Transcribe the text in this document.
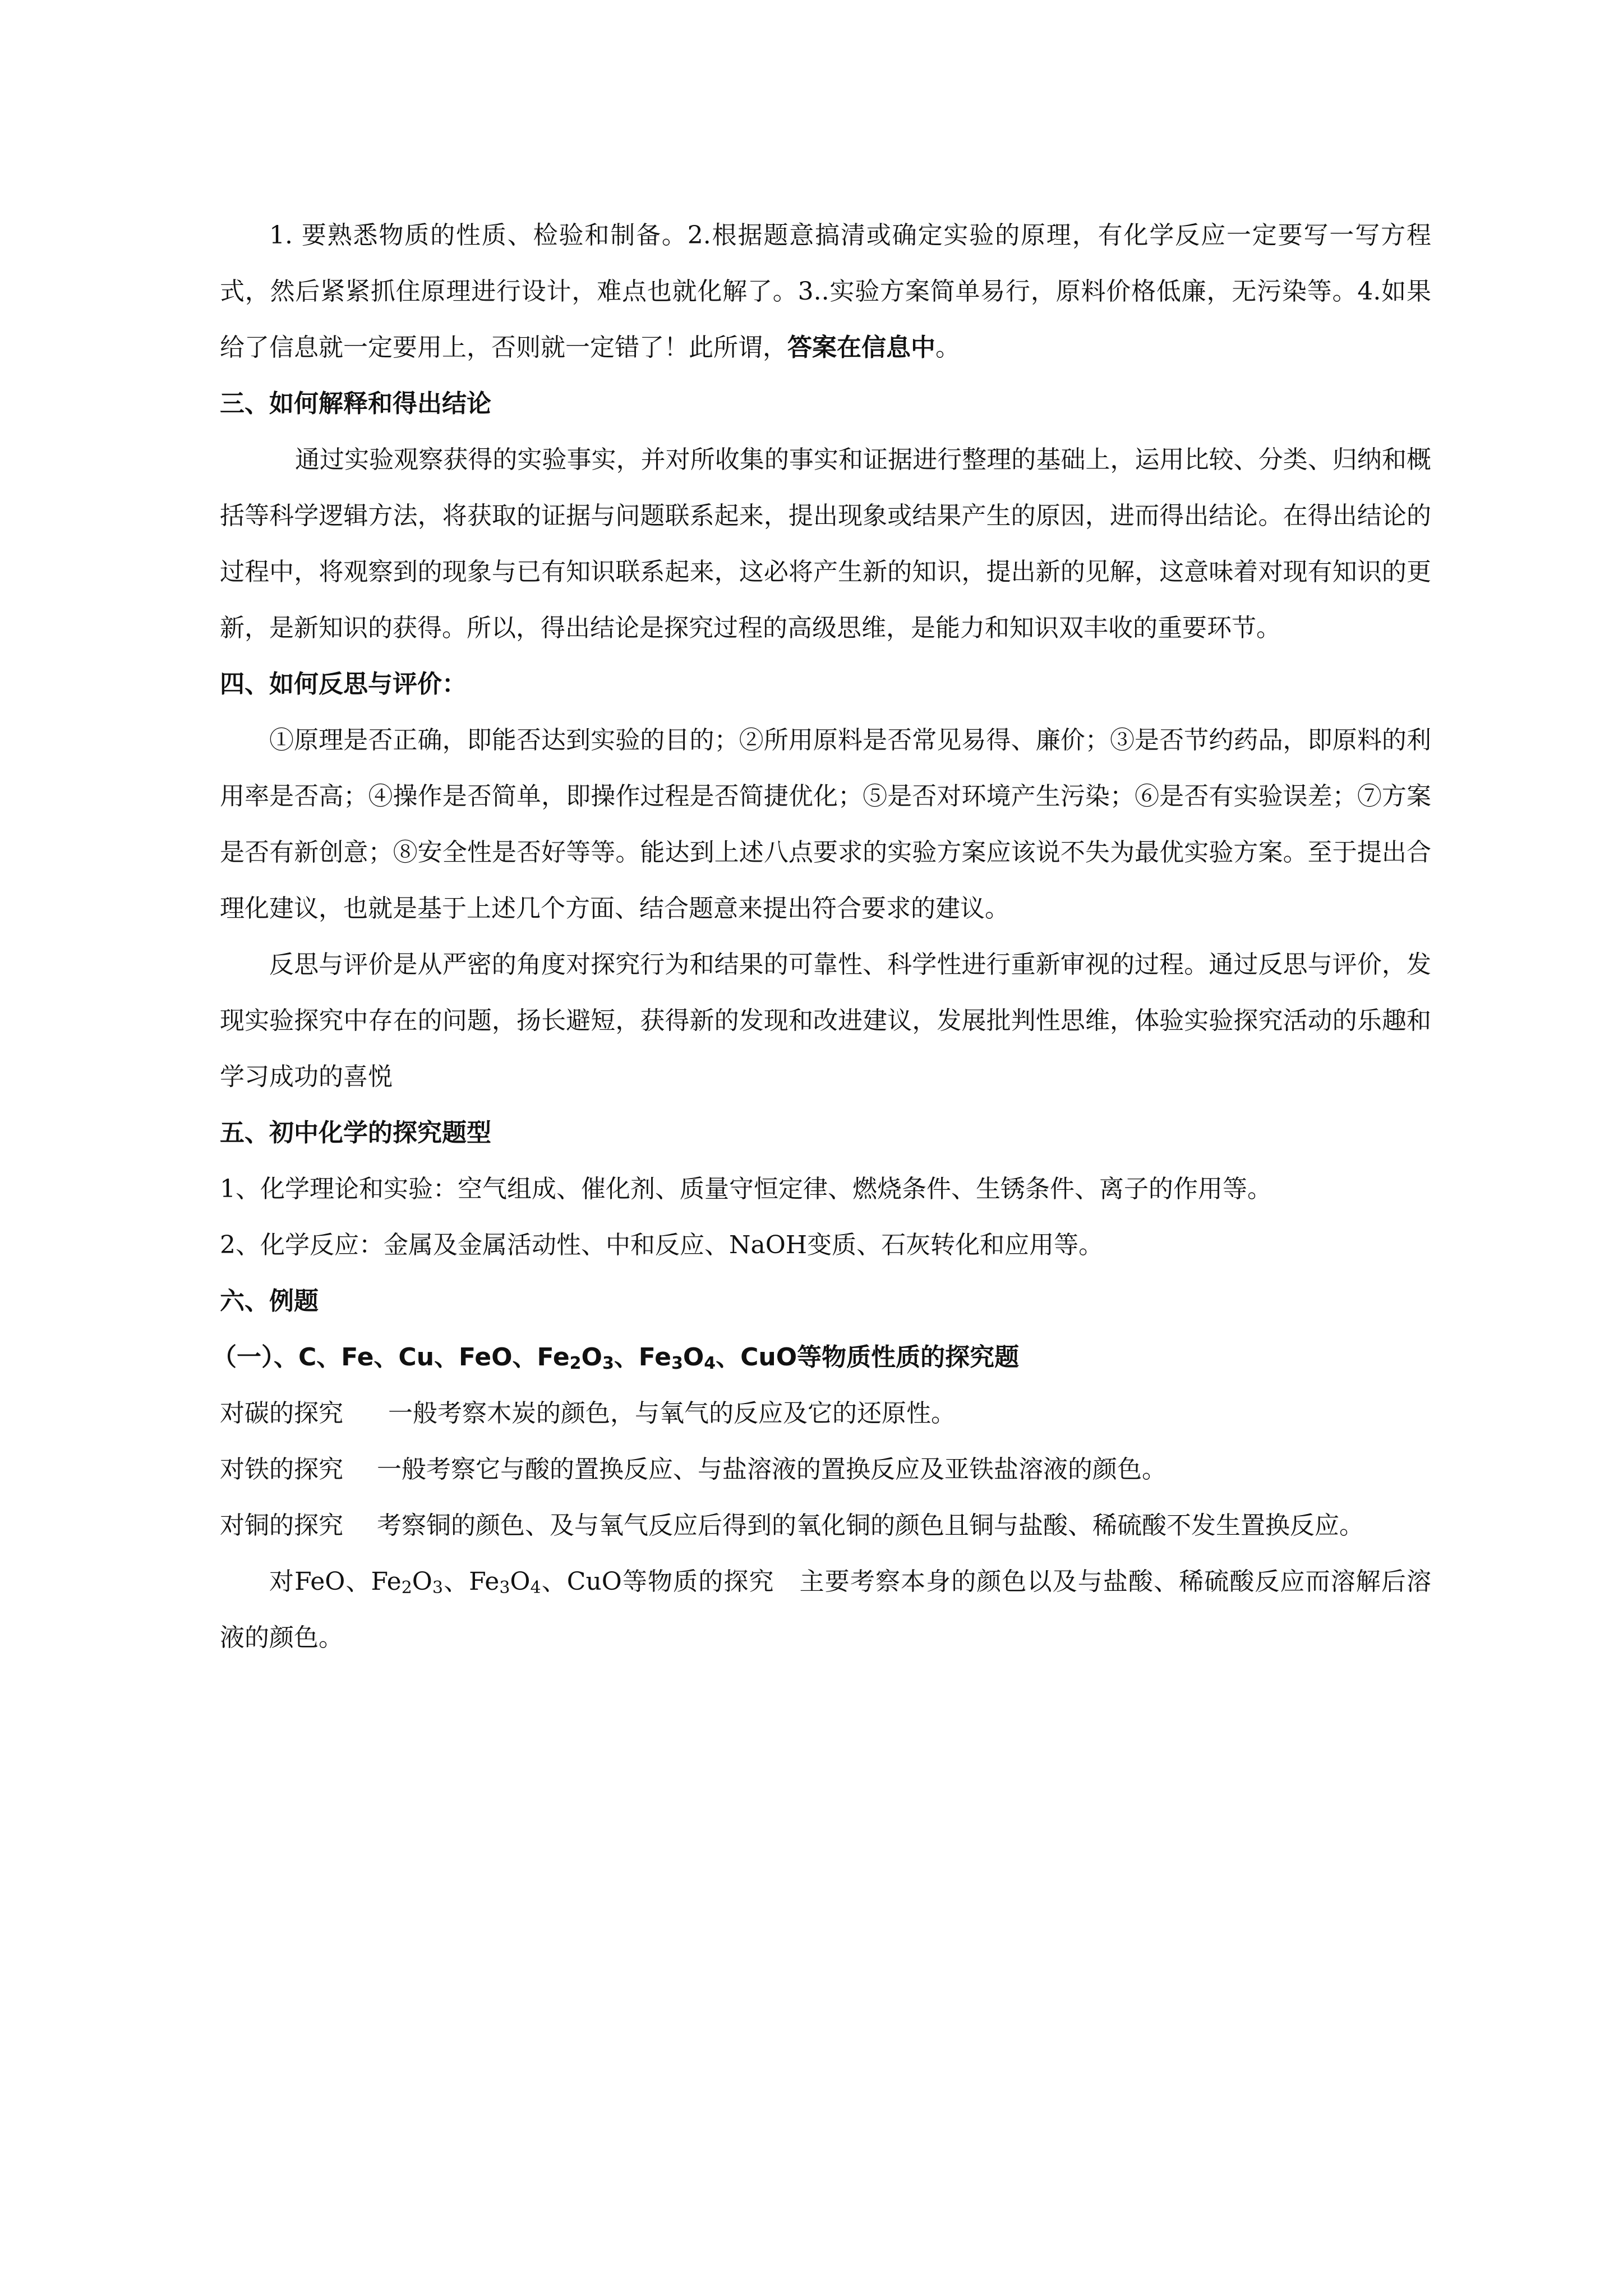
1. 要熟悉物质的性质、检验和制备。2.根据题意搞清或确定实验的原理，有化学反应一定要写一写方程式，然后紧紧抓住原理进行设计，难点也就化解了。3..实验方案简单易行，原料价格低廉，无污染等。4.如果给了信息就一定要用上，否则就一定错了！此所谓，答案在信息中。

三、如何解释和得出结论

通过实验观察获得的实验事实，并对所收集的事实和证据进行整理的基础上，运用比较、分类、归纳和概括等科学逻辑方法，将获取的证据与问题联系起来，提出现象或结果产生的原因，进而得出结论。在得出结论的过程中，将观察到的现象与已有知识联系起来，这必将产生新的知识，提出新的见解，这意味着对现有知识的更新，是新知识的获得。所以，得出结论是探究过程的高级思维，是能力和知识双丰收的重要环节。

四、如何反思与评价：

①原理是否正确，即能否达到实验的目的；②所用原料是否常见易得、廉价；③是否节约药品，即原料的利用率是否高；④操作是否简单，即操作过程是否简捷优化；⑤是否对环境产生污染；⑥是否有实验误差；⑦方案是否有新创意；⑧安全性是否好等等。能达到上述八点要求的实验方案应该说不失为最优实验方案。至于提出合理化建议，也就是基于上述几个方面、结合题意来提出符合要求的建议。

反思与评价是从严密的角度对探究行为和结果的可靠性、科学性进行重新审视的过程。通过反思与评价，发现实验探究中存在的问题，扬长避短，获得新的发现和改进建议，发展批判性思维，体验实验探究活动的乐趣和学习成功的喜悦

五、初中化学的探究题型

1、化学理论和实验：空气组成、催化剂、质量守恒定律、燃烧条件、生锈条件、离子的作用等。

2、化学反应：金属及金属活动性、中和反应、NaOH变质、石灰转化和应用等。

六、例题

（一）、C、Fe、Cu、FeO、$Fe_2O_3$、$Fe_3O_4$、CuO等物质性质的探究题

对碳的探究 一般考察木炭的颜色，与氧气的反应及它的还原性。

对铁的探究 一般考察它与酸的置换反应、与盐溶液的置换反应及亚铁盐溶液的颜色。

对铜的探究 考察铜的颜色、及与氧气反应后得到的氧化铜的颜色且铜与盐酸、稀硫酸不发生置换反应。

对FeO、$Fe_2O_3$、$Fe_3O_4$、CuO等物质的探究　主要考察本身的颜色以及与盐酸、稀硫酸反应而溶解后溶液的颜色。
